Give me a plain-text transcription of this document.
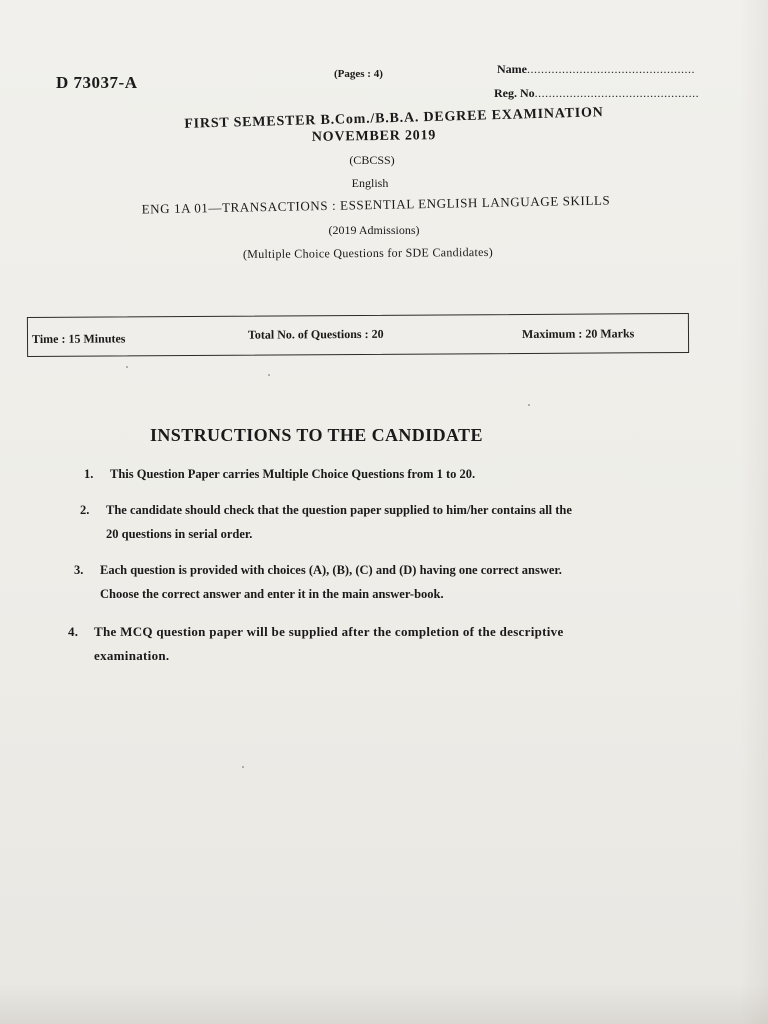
D 73037-A	(Pages : 4)	Name................................................
Reg. No...............................................
FIRST SEMESTER B.Com./B.B.A. DEGREE EXAMINATION
NOVEMBER 2019
(CBCSS)
English
ENG 1A 01—TRANSACTIONS : ESSENTIAL ENGLISH LANGUAGE SKILLS
(2019 Admissions)
(Multiple Choice Questions for SDE Candidates)
Time : 15 Minutes	Total No. of Questions : 20	Maximum : 20 Marks
INSTRUCTIONS TO THE CANDIDATE
1. This Question Paper carries Multiple Choice Questions from 1 to 20.
2. The candidate should check that the question paper supplied to him/her contains all the
20 questions in serial order.
3. Each question is provided with choices (A), (B), (C) and (D) having one correct answer.
Choose the correct answer and enter it in the main answer-book.
4. The MCQ question paper will be supplied after the completion of the descriptive
examination.
